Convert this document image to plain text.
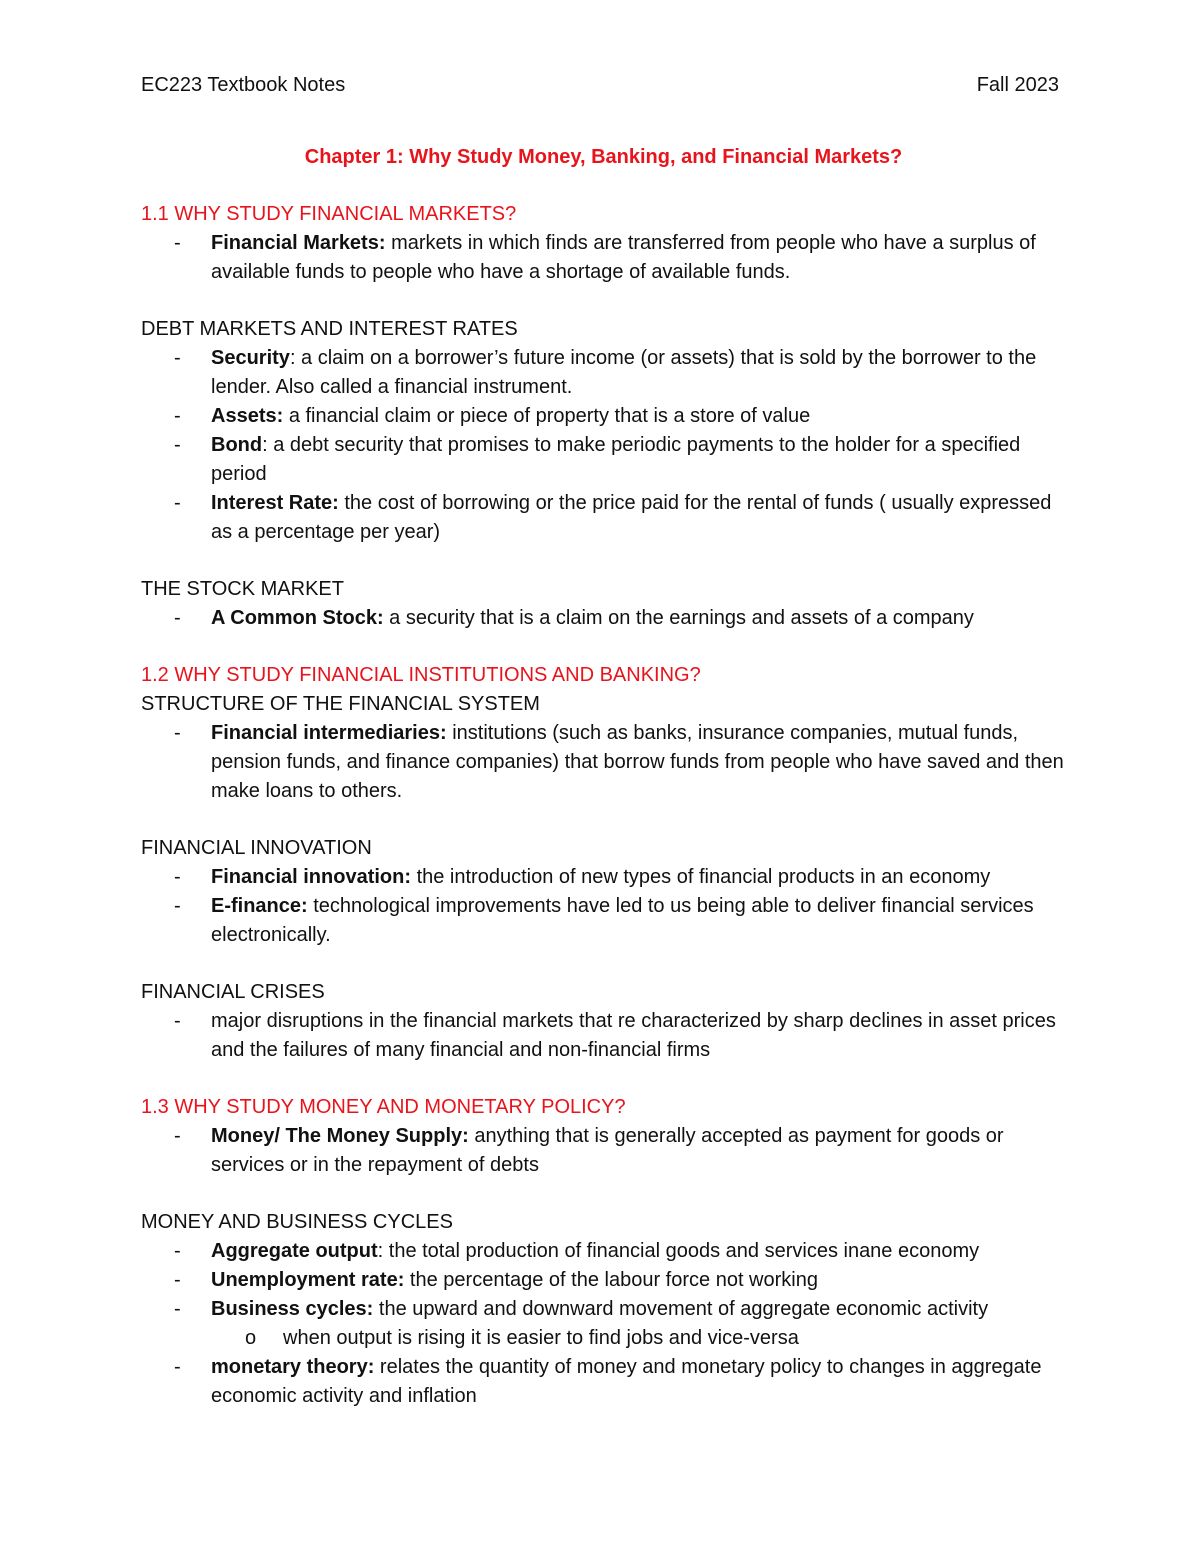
EC223 Textbook Notes	Fall 2023
Chapter 1: Why Study Money, Banking, and Financial Markets?
1.1 WHY STUDY FINANCIAL MARKETS?
-	Financial Markets: markets in which finds are transferred from people who have a surplus of available funds to people who have a shortage of available funds.
DEBT MARKETS AND INTEREST RATES
-	Security: a claim on a borrower’s future income (or assets) that is sold by the borrower to the lender. Also called a financial instrument.
-	Assets: a financial claim or piece of property that is a store of value
-	Bond: a debt security that promises to make periodic payments to the holder for a specified period
-	Interest Rate: the cost of borrowing or the price paid for the rental of funds ( usually expressed as a percentage per year)
THE STOCK MARKET
-	A Common Stock: a security that is a claim on the earnings and assets of a company
1.2 WHY STUDY FINANCIAL INSTITUTIONS AND BANKING?
STRUCTURE OF THE FINANCIAL SYSTEM
-	Financial intermediaries: institutions (such as banks, insurance companies, mutual funds, pension funds, and finance companies) that borrow funds from people who have saved and then make loans to others.
FINANCIAL INNOVATION
-	Financial innovation: the introduction of new types of financial products in an economy
-	E-finance: technological improvements have led to us being able to deliver financial services electronically.
FINANCIAL CRISES
-	major disruptions in the financial markets that re characterized by sharp declines in asset prices and the failures of many financial and non-financial firms
1.3 WHY STUDY MONEY AND MONETARY POLICY?
-	Money/ The Money Supply: anything that is generally accepted as payment for goods or services or in the repayment of debts
MONEY AND BUSINESS CYCLES
-	Aggregate output: the total production of financial goods and services inane economy
-	Unemployment rate: the percentage of the labour force not working
-	Business cycles: the upward and downward movement of aggregate economic activity
o when output is rising it is easier to find jobs and vice-versa
-	monetary theory: relates the quantity of money and monetary policy to changes in aggregate economic activity and inflation
